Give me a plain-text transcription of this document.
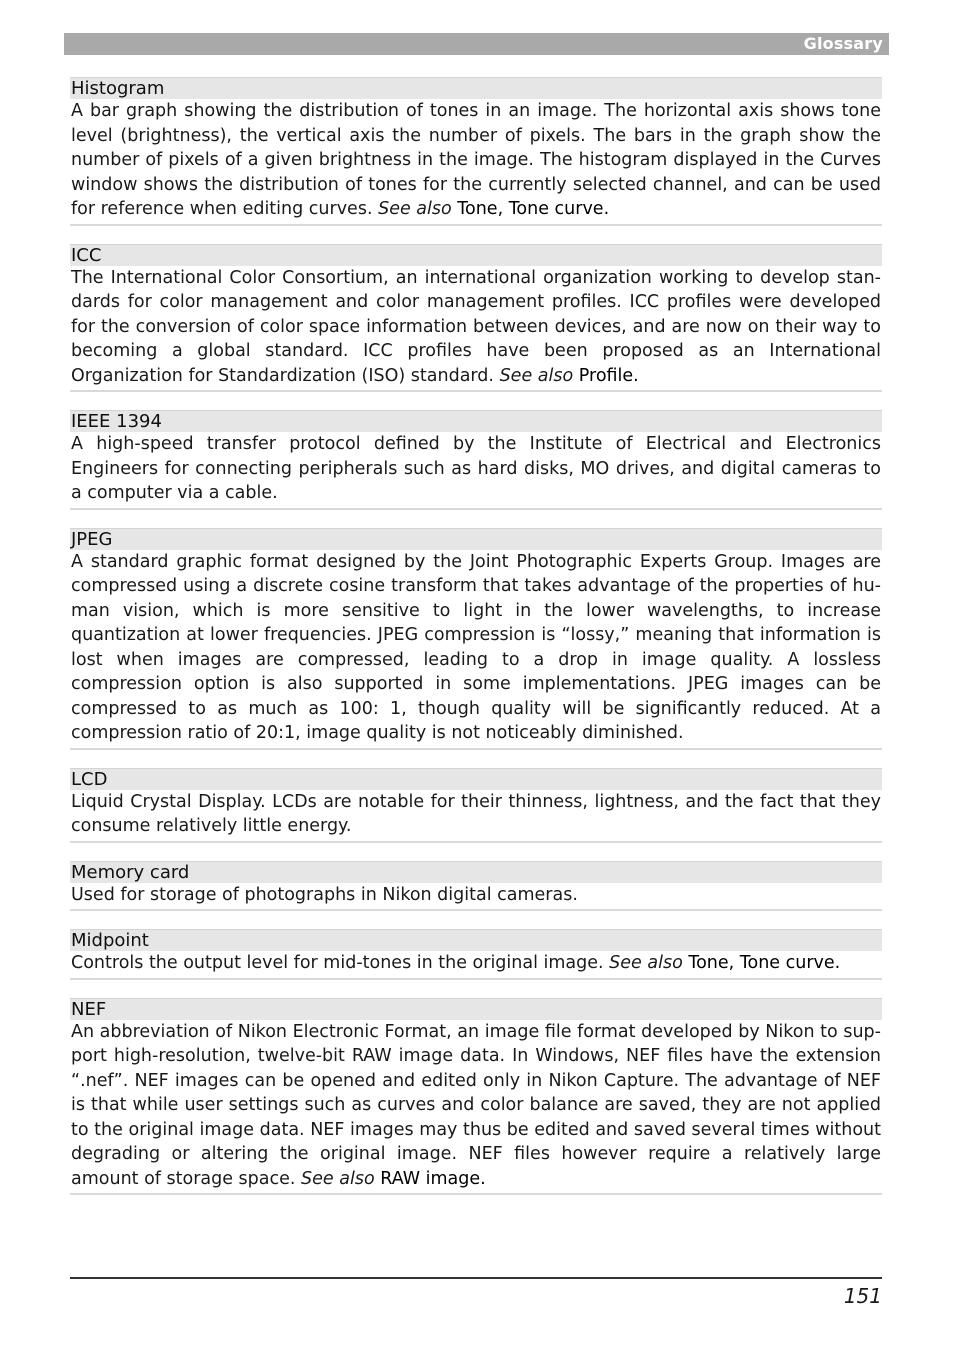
Glossary
Histogram
A bar graph showing the distribution of tones in an image. The horizontal axis shows tone level (brightness), the vertical axis the number of pixels. The bars in the graph show the number of pixels of a given brightness in the image. The histogram displayed in the Curves window shows the distribution of tones for the currently selected channel, and can be used for reference when editing curves. See also Tone, Tone curve.
ICC
The International Color Consortium, an international organization working to develop standards for color management and color management profiles. ICC profiles were developed for the conversion of color space information between devices, and are now on their way to becoming a global standard. ICC profiles have been proposed as an International Organization for Standardization (ISO) standard. See also Profile.
IEEE 1394
A high-speed transfer protocol defined by the Institute of Electrical and Electronics Engineers for connecting peripherals such as hard disks, MO drives, and digital cameras to a computer via a cable.
JPEG
A standard graphic format designed by the Joint Photographic Experts Group. Images are compressed using a discrete cosine transform that takes advantage of the properties of human vision, which is more sensitive to light in the lower wavelengths, to increase quantization at lower frequencies. JPEG compression is “lossy,” meaning that information is lost when images are compressed, leading to a drop in image quality. A lossless compression option is also supported in some implementations. JPEG images can be compressed to as much as 100: 1, though quality will be significantly reduced. At a compression ratio of 20:1, image quality is not noticeably diminished.
LCD
Liquid Crystal Display. LCDs are notable for their thinness, lightness, and the fact that they consume relatively little energy.
Memory card
Used for storage of photographs in Nikon digital cameras.
Midpoint
Controls the output level for mid-tones in the original image. See also Tone, Tone curve.
NEF
An abbreviation of Nikon Electronic Format, an image file format developed by Nikon to support high-resolution, twelve-bit RAW image data. In Windows, NEF files have the extension “.nef”. NEF images can be opened and edited only in Nikon Capture. The advantage of NEF is that while user settings such as curves and color balance are saved, they are not applied to the original image data. NEF images may thus be edited and saved several times without degrading or altering the original image. NEF files however require a relatively large amount of storage space. See also RAW image.
151
